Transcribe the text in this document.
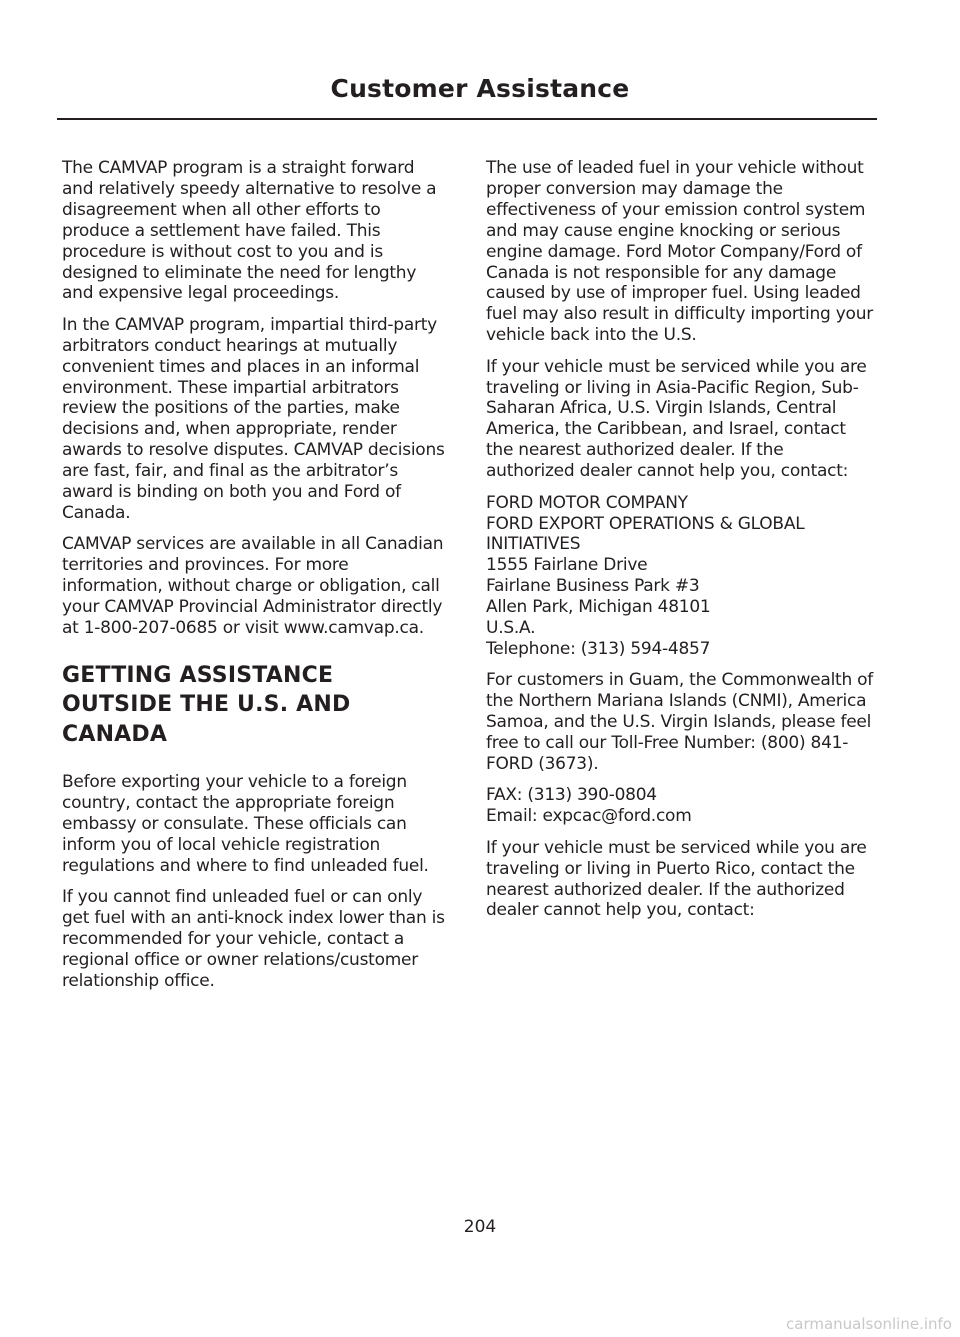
Customer Assistance

The CAMVAP program is a straight forward and relatively speedy alternative to resolve a disagreement when all other efforts to produce a settlement have failed. This procedure is without cost to you and is designed to eliminate the need for lengthy and expensive legal proceedings.

In the CAMVAP program, impartial third-party arbitrators conduct hearings at mutually convenient times and places in an informal environment. These impartial arbitrators review the positions of the parties, make decisions and, when appropriate, render awards to resolve disputes. CAMVAP decisions are fast, fair, and final as the arbitrator’s award is binding on both you and Ford of Canada.

CAMVAP services are available in all Canadian territories and provinces. For more information, without charge or obligation, call your CAMVAP Provincial Administrator directly at 1-800-207-0685 or visit www.camvap.ca.

GETTING ASSISTANCE OUTSIDE THE U.S. AND CANADA

Before exporting your vehicle to a foreign country, contact the appropriate foreign embassy or consulate. These officials can inform you of local vehicle registration regulations and where to find unleaded fuel.

If you cannot find unleaded fuel or can only get fuel with an anti-knock index lower than is recommended for your vehicle, contact a regional office or owner relations/customer relationship office.

The use of leaded fuel in your vehicle without proper conversion may damage the effectiveness of your emission control system and may cause engine knocking or serious engine damage. Ford Motor Company/Ford of Canada is not responsible for any damage caused by use of improper fuel. Using leaded fuel may also result in difficulty importing your vehicle back into the U.S.

If your vehicle must be serviced while you are traveling or living in Asia-Pacific Region, Sub-Saharan Africa, U.S. Virgin Islands, Central America, the Caribbean, and Israel, contact the nearest authorized dealer. If the authorized dealer cannot help you, contact:

FORD MOTOR COMPANY

FORD EXPORT OPERATIONS & GLOBAL INITIATIVES

1555 Fairlane Drive

Fairlane Business Park #3

Allen Park, Michigan 48101

U.S.A.

Telephone: (313) 594-4857

For customers in Guam, the Commonwealth of the Northern Mariana Islands (CNMI), America Samoa, and the U.S. Virgin Islands, please feel free to call our Toll-Free Number: (800) 841-FORD (3673).

FAX: (313) 390-0804

Email: expcac@ford.com

If your vehicle must be serviced while you are traveling or living in Puerto Rico, contact the nearest authorized dealer. If the authorized dealer cannot help you, contact:

204
carmanualsonline.info
